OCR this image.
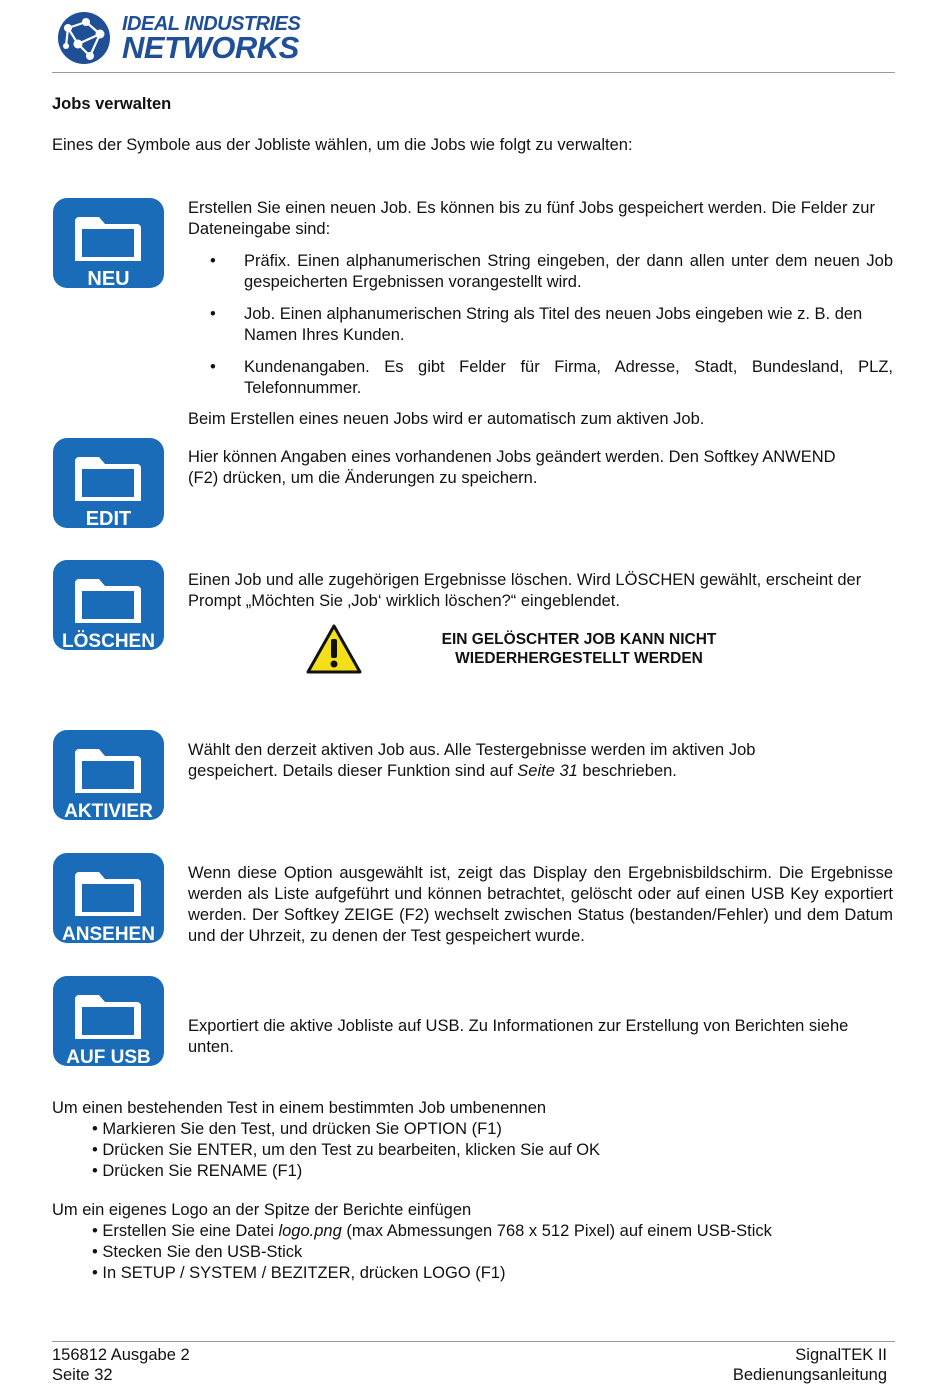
IDEAL INDUSTRIES
NETWORKS
Jobs verwalten
Eines der Symbole aus der Jobliste wählen, um die Jobs wie folgt zu verwalten:
NEU
EDIT
LÖSCHEN
AKTIVIER
ANSEHEN
AUF USB
Erstellen Sie einen neuen Job. Es können bis zu fünf Jobs gespeichert werden. Die Felder zur Dateneingabe sind:
• Präfix. Einen alphanumerischen String eingeben, der dann allen unter dem neuen Job gespeicherten Ergebnissen vorangestellt wird.
• Job. Einen alphanumerischen String als Titel des neuen Jobs eingeben wie z. B. den Namen Ihres Kunden.
• Kundenangaben. Es gibt Felder für Firma, Adresse, Stadt, Bundesland, PLZ, Telefonnummer.
Beim Erstellen eines neuen Jobs wird er automatisch zum aktiven Job.
Hier können Angaben eines vorhandenen Jobs geändert werden. Den Softkey ANWEND (F2) drücken, um die Änderungen zu speichern.
Einen Job und alle zugehörigen Ergebnisse löschen. Wird LÖSCHEN gewählt, erscheint der Prompt „Möchten Sie ‚Job‘ wirklich löschen?“ eingeblendet.
EIN GELÖSCHTER JOB KANN NICHT
WIEDERHERGESTELLT WERDEN
Wählt den derzeit aktiven Job aus. Alle Testergebnisse werden im aktiven Job gespeichert. Details dieser Funktion sind auf Seite 31 beschrieben.
Wenn diese Option ausgewählt ist, zeigt das Display den Ergebnisbildschirm. Die Ergebnisse werden als Liste aufgeführt und können betrachtet, gelöscht oder auf einen USB Key exportiert werden. Der Softkey ZEIGE (F2) wechselt zwischen Status (bestanden/Fehler) und dem Datum und der Uhrzeit, zu denen der Test gespeichert wurde.
Exportiert die aktive Jobliste auf USB. Zu Informationen zur Erstellung von Berichten siehe unten.
Um einen bestehenden Test in einem bestimmten Job umbenennen
• Markieren Sie den Test, und drücken Sie OPTION (F1)
• Drücken Sie ENTER, um den Test zu bearbeiten, klicken Sie auf OK
• Drücken Sie RENAME (F1)
Um ein eigenes Logo an der Spitze der Berichte einfügen
• Erstellen Sie eine Datei logo.png (max Abmessungen 768 x 512 Pixel) auf einem USB-Stick
• Stecken Sie den USB-Stick
• In SETUP / SYSTEM / BEZITZER, drücken LOGO (F1)
156812 Ausgabe 2
Seite 32
SignalTEK II
Bedienungsanleitung
